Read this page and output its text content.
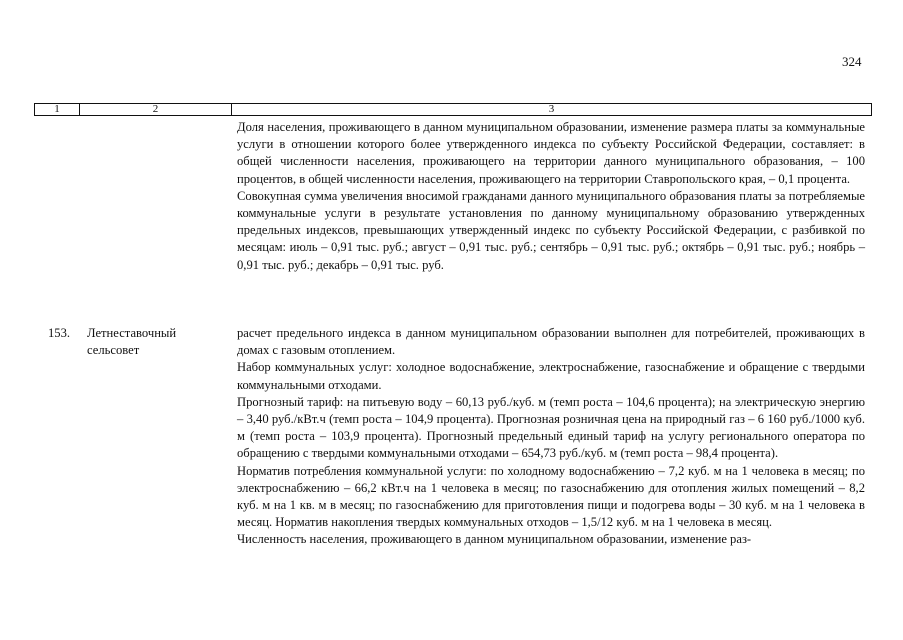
324
1	2	3

Доля населения, проживающего в данном муниципальном образовании, изменение размера платы за коммунальные услуги в отношении которого более утвержденного индекса по субъекту Российской Федерации, составляет: в общей численности населения, проживающего на территории данного муниципального образования, – 100 процентов, в общей численности населения, проживающего на территории Ставропольского края, – 0,1 процента.

Совокупная сумма увеличения вносимой гражданами данного муниципального образования платы за потребляемые коммунальные услуги в результате установления по данному муниципальному образованию утвержденных предельных индексов, превышающих утвержденный индекс по субъекту Российской Федерации, с разбивкой по месяцам: июль – 0,91 тыс. руб.; август – 0,91 тыс. руб.; сентябрь – 0,91 тыс. руб.; октябрь – 0,91 тыс. руб.; ноябрь – 0,91 тыс. руб.; декабрь – 0,91 тыс. руб.

153. Летнеставочный сельсовет

расчет предельного индекса в данном муниципальном образовании выполнен для потребителей, проживающих в домах с газовым отоплением.

Набор коммунальных услуг: холодное водоснабжение, электроснабжение, газоснабжение и обращение с твердыми коммунальными отходами.

Прогнозный тариф: на питьевую воду – 60,13 руб./куб. м (темп роста – 104,6 процента); на электрическую энергию – 3,40 руб./кВт.ч (темп роста – 104,9 процента). Прогнозная розничная цена на природный газ – 6 160 руб./1000 куб. м (темп роста – 103,9 процента). Прогнозный предельный единый тариф на услугу регионального оператора по обращению с твердыми коммунальными отходами – 654,73 руб./куб. м (темп роста – 98,4 процента).

Норматив потребления коммунальной услуги: по холодному водоснабжению – 7,2 куб. м на 1 человека в месяц; по электроснабжению – 66,2 кВт.ч на 1 человека в месяц; по газоснабжению для отопления жилых помещений – 8,2 куб. м на 1 кв. м в месяц; по газоснабжению для приготовления пищи и подогрева воды – 30 куб. м на 1 человека в месяц. Норматив накопления твердых коммунальных отходов – 1,5/12 куб. м на 1 человека в месяц.

Численность населения, проживающего в данном муниципальном образовании, изменение раз-
